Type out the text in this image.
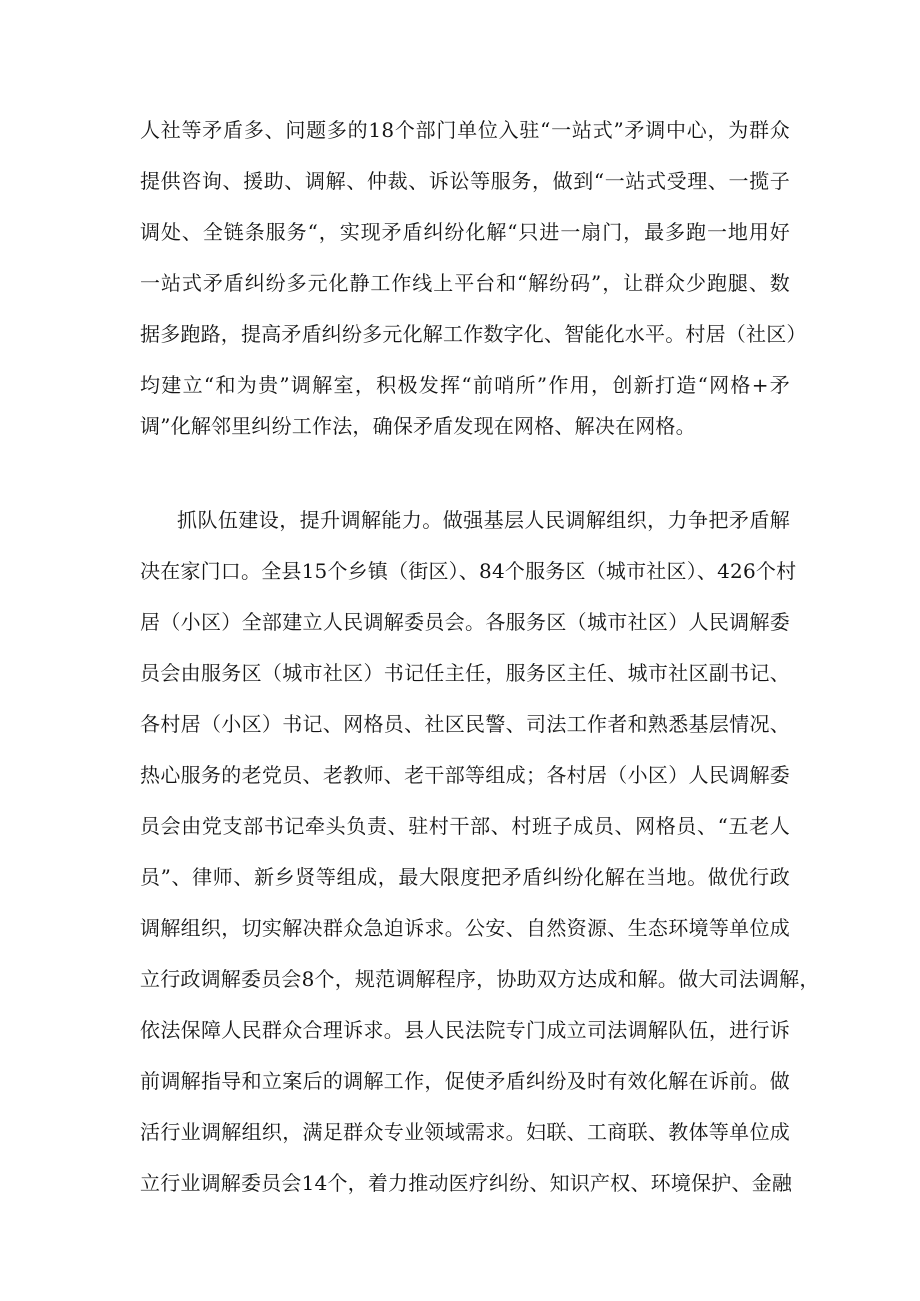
人社等矛盾多、问题多的18个部门单位入驻“一站式”矛调中心，为群众
提供咨询、援助、调解、仲裁、诉讼等服务，做到“一站式受理、一揽子
调处、全链条服务“，实现矛盾纠纷化解“只进一扇门，最多跑一地用好
一站式矛盾纠纷多元化静工作线上平台和“解纷码”，让群众少跑腿、数
据多跑路，提高矛盾纠纷多元化解工作数字化、智能化水平。村居（社区）
均建立“和为贵”调解室，积极发挥“前哨所”作用，创新打造“网格+矛
调”化解邻里纠纷工作法，确保矛盾发现在网格、解决在网格。
抓队伍建设，提升调解能力。做强基层人民调解组织，力争把矛盾解
决在家门口。全县15个乡镇（街区）、84个服务区（城市社区）、426个村
居（小区）全部建立人民调解委员会。各服务区（城市社区）人民调解委
员会由服务区（城市社区）书记任主任，服务区主任、城市社区副书记、
各村居（小区）书记、网格员、社区民警、司法工作者和熟悉基层情况、
热心服务的老党员、老教师、老干部等组成；各村居（小区）人民调解委
员会由党支部书记牵头负责、驻村干部、村班子成员、网格员、“五老人
员”、律师、新乡贤等组成，最大限度把矛盾纠纷化解在当地。做优行政
调解组织，切实解决群众急迫诉求。公安、自然资源、生态环境等单位成
立行政调解委员会8个，规范调解程序，协助双方达成和解。做大司法调解，
依法保障人民群众合理诉求。县人民法院专门成立司法调解队伍，进行诉
前调解指导和立案后的调解工作，促使矛盾纠纷及时有效化解在诉前。做
活行业调解组织，满足群众专业领域需求。妇联、工商联、教体等单位成
立行业调解委员会14个，着力推动医疗纠纷、知识产权、环境保护、金融
